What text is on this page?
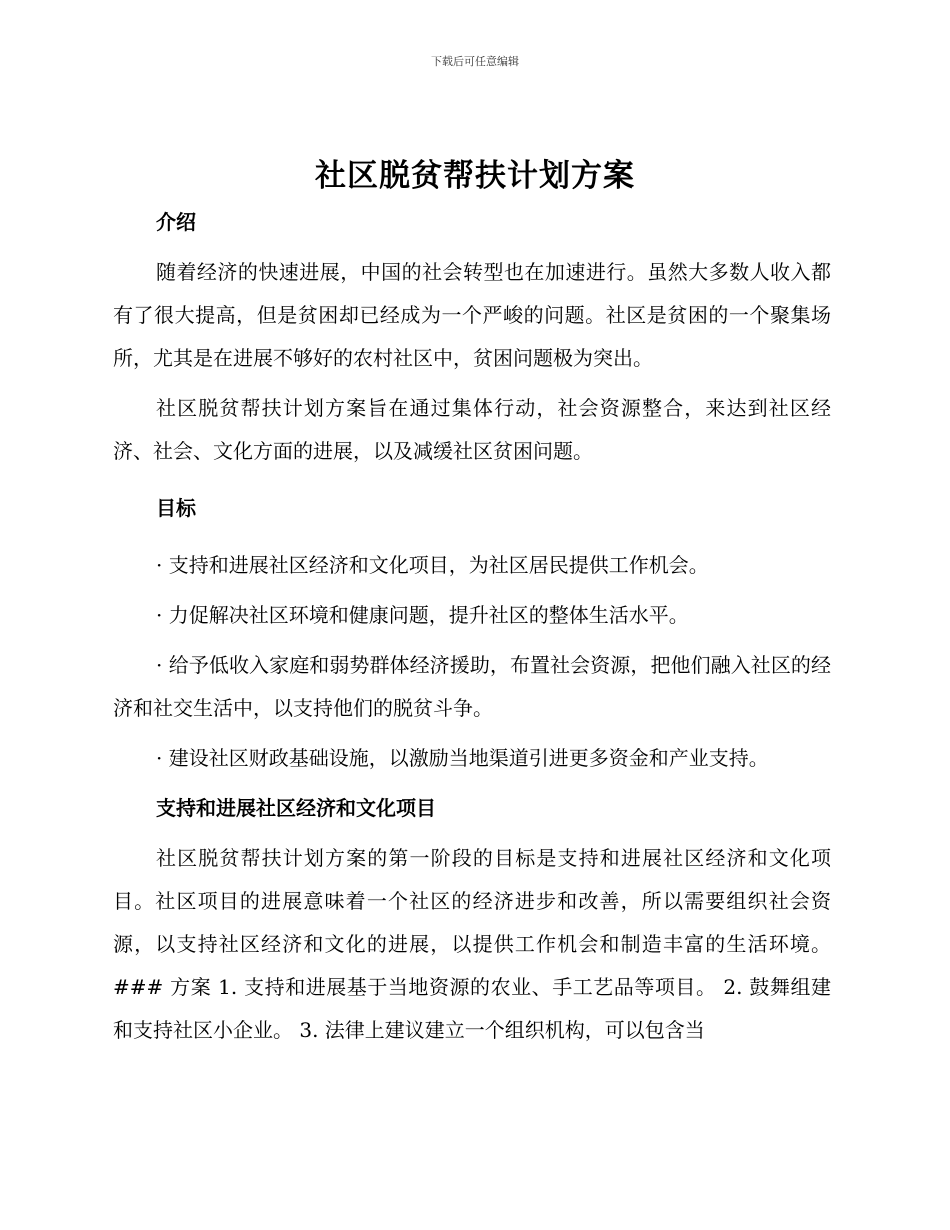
下载后可任意编辑
社区脱贫帮扶计划方案
介绍

随着经济的快速进展，中国的社会转型也在加速进行。虽然大多数人收入都有了很大提高，但是贫困却已经成为一个严峻的问题。社区是贫困的一个聚集场所，尤其是在进展不够好的农村社区中，贫困问题极为突出。

社区脱贫帮扶计划方案旨在通过集体行动，社会资源整合，来达到社区经济、社会、文化方面的进展，以及减缓社区贫困问题。

目标

· 支持和进展社区经济和文化项目，为社区居民提供工作机会。

· 力促解决社区环境和健康问题，提升社区的整体生活水平。

· 给予低收入家庭和弱势群体经济援助，布置社会资源，把他们融入社区的经济和社交生活中，以支持他们的脱贫斗争。

· 建设社区财政基础设施，以激励当地渠道引进更多资金和产业支持。

支持和进展社区经济和文化项目

社区脱贫帮扶计划方案的第一阶段的目标是支持和进展社区经济和文化项目。社区项目的进展意味着一个社区的经济进步和改善，所以需要组织社会资源，以支持社区经济和文化的进展，以提供工作机会和制造丰富的生活环境。 ### 方案 1. 支持和进展基于当地资源的农业、手工艺品等项目。 2. 鼓舞组建和支持社区小企业。 3. 法律上建议建立一个组织机构，可以包含当
